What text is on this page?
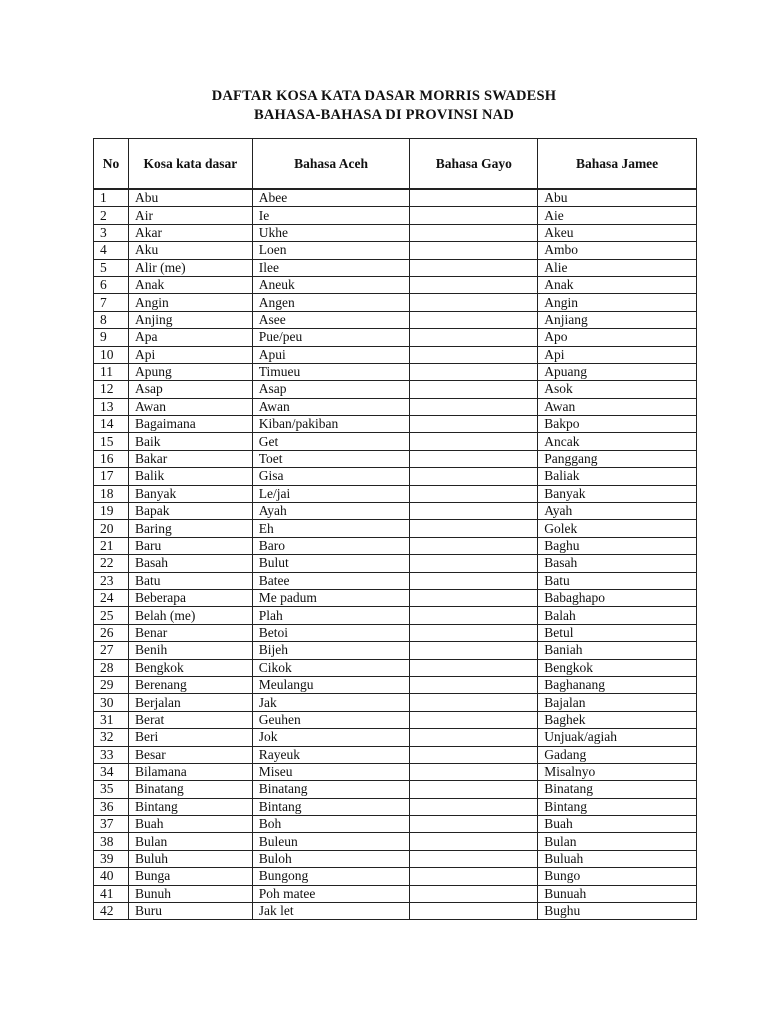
DAFTAR KOSA KATA DASAR MORRIS SWADESH
BAHASA-BAHASA DI PROVINSI NAD
No	Kosa kata dasar	Bahasa Aceh	Bahasa Gayo	Bahasa Jamee
1	Abu	Abee		Abu
2	Air	Ie		Aie
3	Akar	Ukhe		Akeu
4	Aku	Loen		Ambo
5	Alir (me)	Ilee		Alie
6	Anak	Aneuk		Anak
7	Angin	Angen		Angin
8	Anjing	Asee		Anjiang
9	Apa	Pue/peu		Apo
10	Api	Apui		Api
11	Apung	Timueu		Apuang
12	Asap	Asap		Asok
13	Awan	Awan		Awan
14	Bagaimana	Kiban/pakiban		Bakpo
15	Baik	Get		Ancak
16	Bakar	Toet		Panggang
17	Balik	Gisa		Baliak
18	Banyak	Le/jai		Banyak
19	Bapak	Ayah		Ayah
20	Baring	Eh		Golek
21	Baru	Baro		Baghu
22	Basah	Bulut		Basah
23	Batu	Batee		Batu
24	Beberapa	Me padum		Babaghapo
25	Belah (me)	Plah		Balah
26	Benar	Betoi		Betul
27	Benih	Bijeh		Baniah
28	Bengkok	Cikok		Bengkok
29	Berenang	Meulangu		Baghanang
30	Berjalan	Jak		Bajalan
31	Berat	Geuhen		Baghek
32	Beri	Jok		Unjuak/agiah
33	Besar	Rayeuk		Gadang
34	Bilamana	Miseu		Misalnyo
35	Binatang	Binatang		Binatang
36	Bintang	Bintang		Bintang
37	Buah	Boh		Buah
38	Bulan	Buleun		Bulan
39	Buluh	Buloh		Buluah
40	Bunga	Bungong		Bungo
41	Bunuh	Poh matee		Bunuah
42	Buru	Jak let		Bughu
